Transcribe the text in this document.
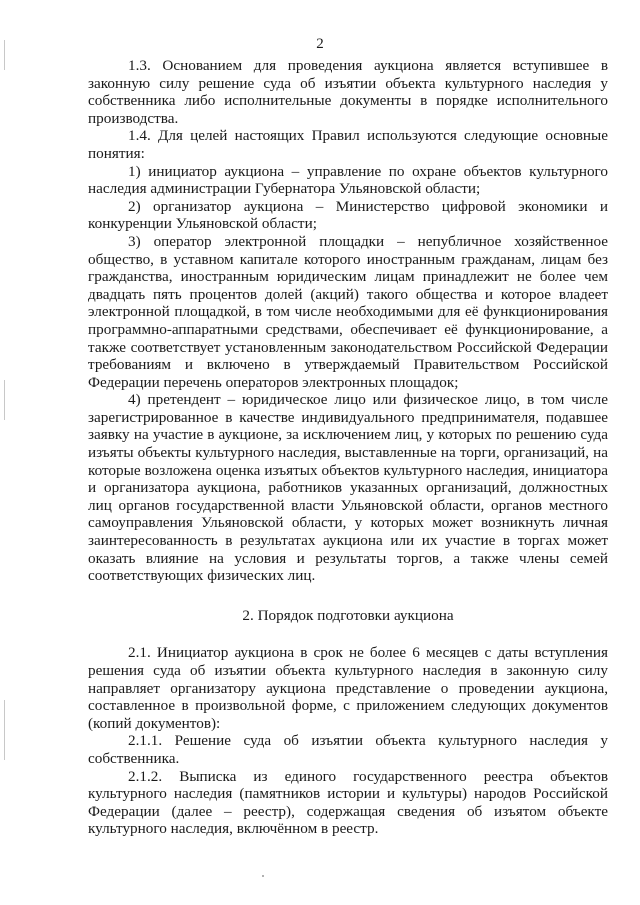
2

1.3. Основанием для проведения аукциона является вступившее в законную силу решение суда об изъятии объекта культурного наследия у собственника либо исполнительные документы в порядке исполнительного производства.

1.4. Для целей настоящих Правил используются следующие основные понятия:

1) инициатор аукциона – управление по охране объектов культурного наследия администрации Губернатора Ульяновской области;

2) организатор аукциона – Министерство цифровой экономики и конкуренции Ульяновской области;

3) оператор электронной площадки – непубличное хозяйственное общество, в уставном капитале которого иностранным гражданам, лицам без гражданства, иностранным юридическим лицам принадлежит не более чем двадцать пять процентов долей (акций) такого общества и которое владеет электронной площадкой, в том числе необходимыми для её функционирования программно-аппаратными средствами, обеспечивает её функционирование, а также соответствует установленным законодательством Российской Федерации требованиям и включено в утверждаемый Правительством Российской Федерации перечень операторов электронных площадок;

4) претендент – юридическое лицо или физическое лицо, в том числе зарегистрированное в качестве индивидуального предпринимателя, подавшее заявку на участие в аукционе, за исключением лиц, у которых по решению суда изъяты объекты культурного наследия, выставленные на торги, организаций, на которые возложена оценка изъятых объектов культурного наследия, инициатора и организатора аукциона, работников указанных организаций, должностных лиц органов государственной власти Ульяновской области, органов местного самоуправления Ульяновской области, у которых может возникнуть личная заинтересованность в результатах аукциона или их участие в торгах может оказать влияние на условия и результаты торгов, а также члены семей соответствующих физических лиц.

2. Порядок подготовки аукциона

2.1. Инициатор аукциона в срок не более 6 месяцев с даты вступления решения суда об изъятии объекта культурного наследия в законную силу направляет организатору аукциона представление о проведении аукциона, составленное в произвольной форме, с приложением следующих документов (копий документов):

2.1.1. Решение суда об изъятии объекта культурного наследия у собственника.

2.1.2. Выписка из единого государственного реестра объектов культурного наследия (памятников истории и культуры) народов Российской Федерации (далее – реестр), содержащая сведения об изъятом объекте культурного наследия, включённом в реестр.
